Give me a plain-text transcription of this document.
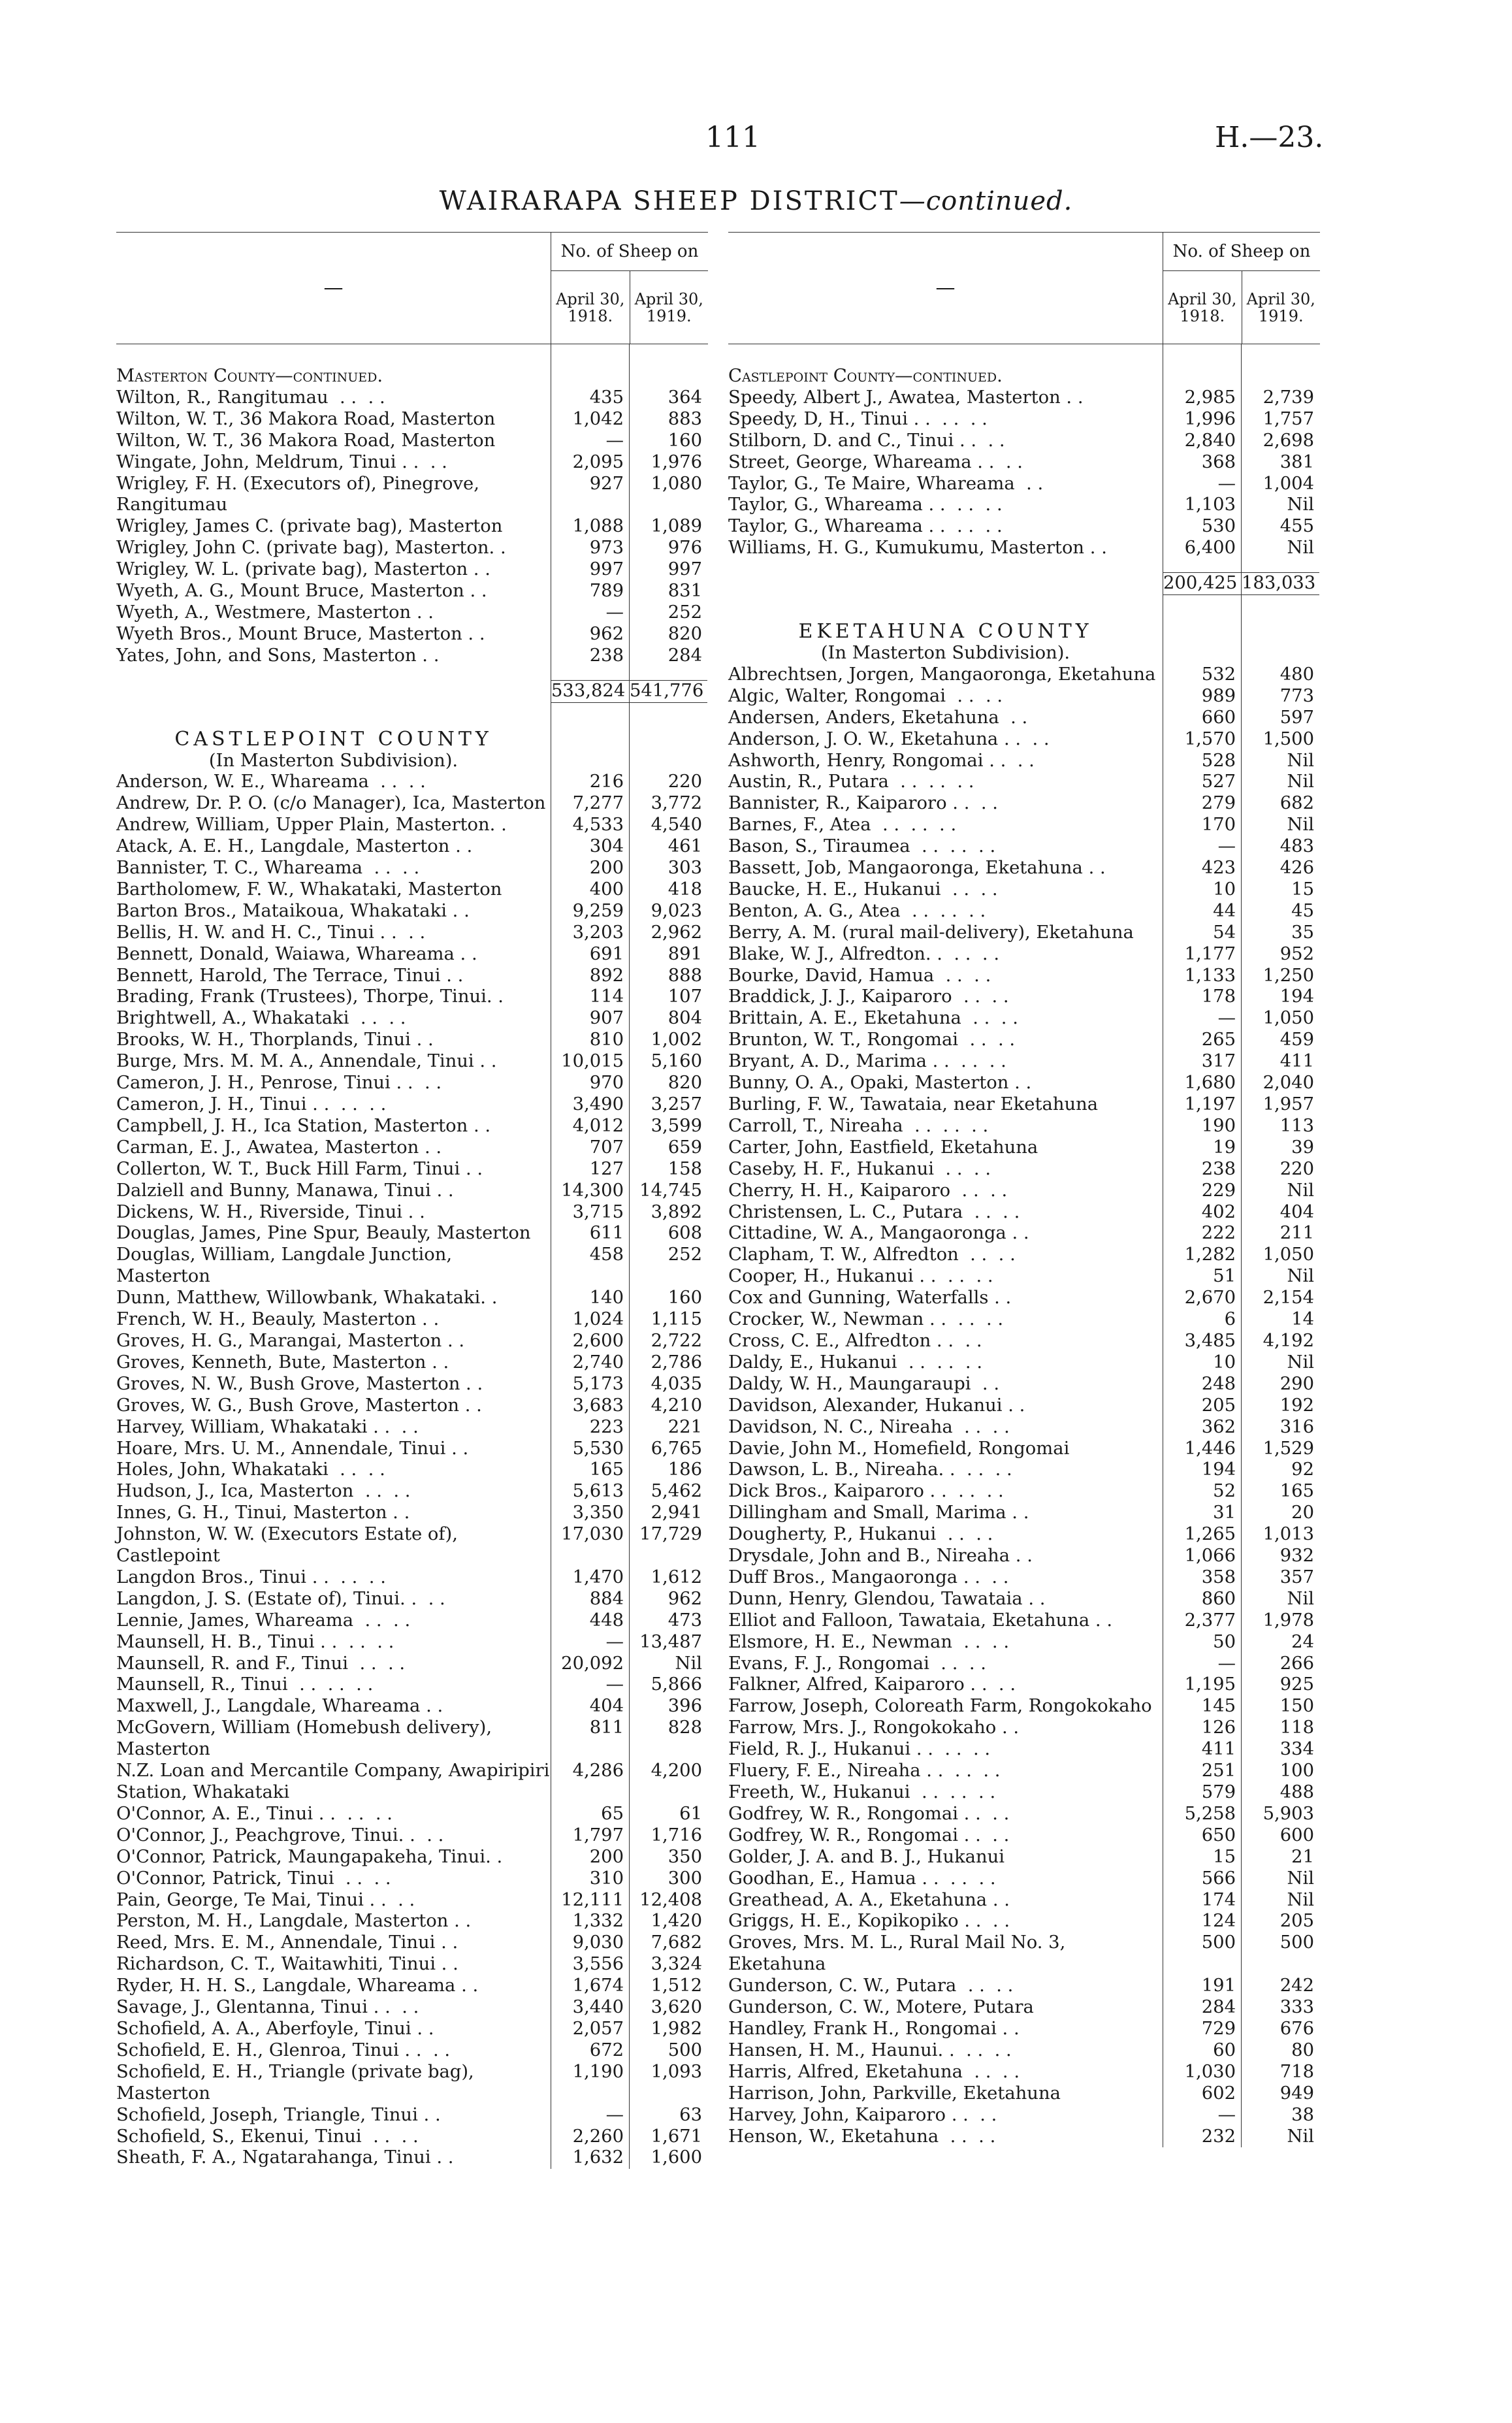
111	H.—23.
WAIRARAPA SHEEP DISTRICT—continued.
—
No. of Sheep on
April 30, 1918.
April 30, 1919.
Masterton County—continued.
Wilton, R., Rangitumau  . .  . .	435	364
Wilton, W. T., 36 Makora Road, Masterton	1,042	883
Wilton, W. T., 36 Makora Road, Masterton	—	160
Wingate, John, Meldrum, Tinui . .  . .	2,095	1,976
Wrigley, F. H. (Executors of), Pinegrove, Rangitumau
927	1,080
Wrigley, James C. (private bag), Masterton	1,088	1,089
Wrigley, John C. (private bag), Masterton. .	973	976
Wrigley, W. L. (private bag), Masterton . .	997	997
Wyeth, A. G., Mount Bruce, Masterton . .	789	831
Wyeth, A., Westmere, Masterton . .	—	252
Wyeth Bros., Mount Bruce, Masterton . .	962	820
Yates, John, and Sons, Masterton . .	238	284
533,824 541,776
CASTLEPOINT COUNTY
(In Masterton Subdivision).
Anderson, W. E., Whareama  . .  . .	216	220
Andrew, Dr. P. O. (c/o Manager), Ica, Masterton	7,277	3,772
Andrew, William, Upper Plain, Masterton. .	4,533	4,540
Atack, A. E. H., Langdale, Masterton . .	304	461
Bannister, T. C., Whareama  . .  . .	200	303
Bartholomew, F. W., Whakataki, Masterton	400	418
Barton Bros., Mataikoua, Whakataki . .	9,259	9,023
Bellis, H. W. and H. C., Tinui . .  . .	3,203	2,962
Bennett, Donald, Waiawa, Whareama . .	691	891
Bennett, Harold, The Terrace, Tinui . .	892	888
Brading, Frank (Trustees), Thorpe, Tinui. .	114	107
Brightwell, A., Whakataki  . .  . .	907	804
Brooks, W. H., Thorplands, Tinui . .	810	1,002
Burge, Mrs. M. M. A., Annendale, Tinui . .	10,015	5,160
Cameron, J. H., Penrose, Tinui . .  . .	970	820
Cameron, J. H., Tinui . .  . .  . .	3,490	3,257
Campbell, J. H., Ica Station, Masterton . .	4,012	3,599
Carman, E. J., Awatea, Masterton . .	707	659
Collerton, W. T., Buck Hill Farm, Tinui . .	127	158
Dalziell and Bunny, Manawa, Tinui . .	14,300 14,745
Dickens, W. H., Riverside, Tinui . .	3,715	3,892
Douglas, James, Pine Spur, Beauly, Masterton	611	608
Douglas, William, Langdale Junction, Masterton
458	252
Dunn, Matthew, Willowbank, Whakataki. .	140	160
French, W. H., Beauly, Masterton . .	1,024	1,115
Groves, H. G., Marangai, Masterton . .	2,600	2,722
Groves, Kenneth, Bute, Masterton . .	2,740	2,786
Groves, N. W., Bush Grove, Masterton . .	5,173	4,035
Groves, W. G., Bush Grove, Masterton . .	3,683	4,210
Harvey, William, Whakataki . .  . .	223	221
Hoare, Mrs. U. M., Annendale, Tinui . .	5,530	6,765
Holes, John, Whakataki  . .  . .	165	186
Hudson, J., Ica, Masterton  . .  . .	5,613	5,462
Innes, G. H., Tinui, Masterton . .	3,350	2,941
Johnston, W. W. (Executors Estate of), Castlepoint
17,030 17,729
Langdon Bros., Tinui . .  . .  . .	1,470	1,612
Langdon, J. S. (Estate of), Tinui. .  . .	884	962
Lennie, James, Whareama  . .  . .	448	473
Maunsell, H. B., Tinui . .  . .  . .	— 13,487
Maunsell, R. and F., Tinui  . .  . .	20,092	Nil
Maunsell, R., Tinui  . .  . .  . .	—	5,866
Maxwell, J., Langdale, Whareama . .	404	396
McGovern, William (Homebush delivery), Masterton
811	828
N.Z. Loan and Mercantile Company, Awapiripiri Station, Whakataki
4,286	4,200
O'Connor, A. E., Tinui . .  . .  . .	65	61
O'Connor, J., Peachgrove, Tinui. .  . .	1,797	1,716
O'Connor, Patrick, Maungapakeha, Tinui. .	200	350
O'Connor, Patrick, Tinui  . .  . .	310	300
Pain, George, Te Mai, Tinui . .  . .	12,111 12,408
Perston, M. H., Langdale, Masterton . .	1,332	1,420
Reed, Mrs. E. M., Annendale, Tinui . .	9,030	7,682
Richardson, C. T., Waitawhiti, Tinui . .	3,556	3,324
Ryder, H. H. S., Langdale, Whareama . .	1,674	1,512
Savage, J., Glentanna, Tinui . .  . .	3,440	3,620
Schofield, A. A., Aberfoyle, Tinui . .	2,057	1,982
Schofield, E. H., Glenroa, Tinui . .  . .	672	500
Schofield, E. H., Triangle (private bag), Masterton
1,190	1,093
Schofield, Joseph, Triangle, Tinui . .	—	63
Schofield, S., Ekenui, Tinui  . .  . .	2,260	1,671
Sheath, F. A., Ngatarahanga, Tinui . .	1,632	1,600
—
No. of Sheep on
April 30, 1918.
April 30, 1919.
Castlepoint County—continued.
Speedy, Albert J., Awatea, Masterton . .	2,985	2,739
Speedy, D, H., Tinui . .  . .  . .	1,996	1,757
Stilborn, D. and C., Tinui . .  . .	2,840	2,698
Street, George, Whareama . .  . .	368	381
Taylor, G., Te Maire, Whareama  . .	—	1,004
Taylor, G., Whareama . .  . .  . .	1,103	Nil
Taylor, G., Whareama . .  . .  . .	530	455
Williams, H. G., Kumukumu, Masterton . .	6,400	Nil
200,425 183,033
EKETAHUNA COUNTY
(In Masterton Subdivision).
Albrechtsen, Jorgen, Mangaoronga, Eketahuna	532	480
Algic, Walter, Rongomai  . .  . .	989	773
Andersen, Anders, Eketahuna  . .	660	597
Anderson, J. O. W., Eketahuna . .  . .	1,570	1,500
Ashworth, Henry, Rongomai . .  . .	528	Nil
Austin, R., Putara  . .  . .  . .	527	Nil
Bannister, R., Kaiparoro . .  . .	279	682
Barnes, F., Atea  . .  . .  . .	170	Nil
Bason, S., Tiraumea  . .  . .  . .	—	483
Bassett, Job, Mangaoronga, Eketahuna . .	423	426
Baucke, H. E., Hukanui  . .  . .	10	15
Benton, A. G., Atea  . .  . .  . .	44	45
Berry, A. M. (rural mail-delivery), Eketahuna	54	35
Blake, W. J., Alfredton. .  . .  . .	1,177	952
Bourke, David, Hamua  . .  . .	1,133	1,250
Braddick, J. J., Kaiparoro  . .  . .	178	194
Brittain, A. E., Eketahuna  . .  . .	—	1,050
Brunton, W. T., Rongomai  . .  . .	265	459
Bryant, A. D., Marima . .  . .  . .	317	411
Bunny, O. A., Opaki, Masterton . .	1,680	2,040
Burling, F. W., Tawataia, near Eketahuna	1,197	1,957
Carroll, T., Nireaha  . .  . .  . .	190	113
Carter, John, Eastfield, Eketahuna	19	39
Caseby, H. F., Hukanui  . .  . .	238	220
Cherry, H. H., Kaiparoro  . .  . .	229	Nil
Christensen, L. C., Putara  . .  . .	402	404
Cittadine, W. A., Mangaoronga . .	222	211
Clapham, T. W., Alfredton  . .  . .	1,282	1,050
Cooper, H., Hukanui . .  . .  . .	51	Nil
Cox and Gunning, Waterfalls . .	2,670	2,154
Crocker, W., Newman . .  . .  . .	6	14
Cross, C. E., Alfredton . .  . .	3,485	4,192
Daldy, E., Hukanui  . .  . .  . .	10	Nil
Daldy, W. H., Maungaraupi  . .	248	290
Davidson, Alexander, Hukanui . .	205	192
Davidson, N. C., Nireaha  . .  . .	362	316
Davie, John M., Homefield, Rongomai	1,446	1,529
Dawson, L. B., Nireaha. .  . .  . .	194	92
Dick Bros., Kaiparoro . .  . .  . .	52	165
Dillingham and Small, Marima . .	31	20
Dougherty, P., Hukanui  . .  . .	1,265	1,013
Drysdale, John and B., Nireaha . .	1,066	932
Duff Bros., Mangaoronga . .  . .	358	357
Dunn, Henry, Glendou, Tawataia . .	860	Nil
Elliot and Falloon, Tawataia, Eketahuna . .	2,377	1,978
Elsmore, H. E., Newman  . .  . .	50	24
Evans, F. J., Rongomai  . .  . .	—	266
Falkner, Alfred, Kaiparoro . .  . .	1,195	925
Farrow, Joseph, Coloreath Farm, Rongokokaho	145	150
Farrow, Mrs. J., Rongokokaho . .	126	118
Field, R. J., Hukanui . .  . .  . .	411	334
Fluery, F. E., Nireaha . .  . .  . .	251	100
Freeth, W., Hukanui  . .  . .  . .	579	488
Godfrey, W. R., Rongomai . .  . .	5,258	5,903
Godfrey, W. R., Rongomai . .  . .	650	600
Golder, J. A. and B. J., Hukanui	15	21
Goodhan, E., Hamua . .  . .  . .	566	Nil
Greathead, A. A., Eketahuna . .	174	Nil
Griggs, H. E., Kopikopiko . .  . .	124	205
Groves, Mrs. M. L., Rural Mail No. 3, Eketahuna
500	500
Gunderson, C. W., Putara  . .  . .	191	242
Gunderson, C. W., Motere, Putara	284	333
Handley, Frank H., Rongomai . .	729	676
Hansen, H. M., Haunui. .  . .  . .	60	80
Harris, Alfred, Eketahuna  . .  . .	1,030	718
Harrison, John, Parkville, Eketahuna	602	949
Harvey, John, Kaiparoro . .  . .	—	38
Henson, W., Eketahuna  . .  . .	232	Nil
